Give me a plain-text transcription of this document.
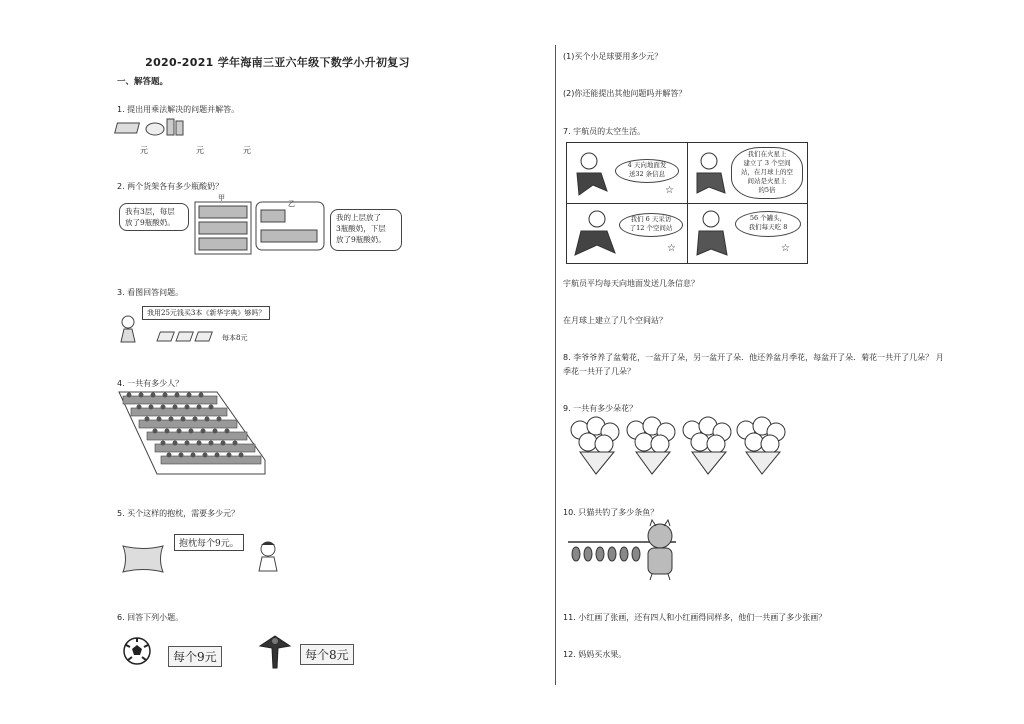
2020-2021 学年海南三亚六年级下数学小升初复习
一、解答题。
1. 提出用乘法解决的问题并解答。
元	元	元
2. 两个货架各有多少瓶酸奶？
我有3层，每层
放了9瓶酸奶。
甲
乙
我的上层放了
3瓶酸奶，下层
放了9瓶酸奶。
3. 看图回答问题。
我用25元钱买3本《新华字典》够吗？
每本8元
4. 一共有多少人？
5. 买个这样的抱枕，需要多少元？
抱枕每个9元。
6. 回答下列小题。
每个9元	每个8元
(1)买个小足球要用多少元？
(2)你还能提出其他问题吗并解答？
7. 宇航员的太空生活。
4 天向地面发
送32 条信息
☆
我们在火星上
建立了 3 个空间
站，在月球上的空
间站是火星上
的5倍
我们 6 天采访
了12 个空间站
☆
56 个罐头，
我们每天吃 8
☆
宇航员平均每天向地面发送几条信息？
在月球上建立了几个空间站？
8. 李爷爷养了盆菊花，一盆开了朵，另一盆开了朵．他还养盆月季花，每盆开了朵．菊花一共开了几朵？ 月
季花一共开了几朵？
9. 一共有多少朵花？
10. 只猫共钓了多少条鱼？
11. 小红画了张画，还有四人和小红画得同样多，他们一共画了多少张画？
12. 妈妈买水果。
